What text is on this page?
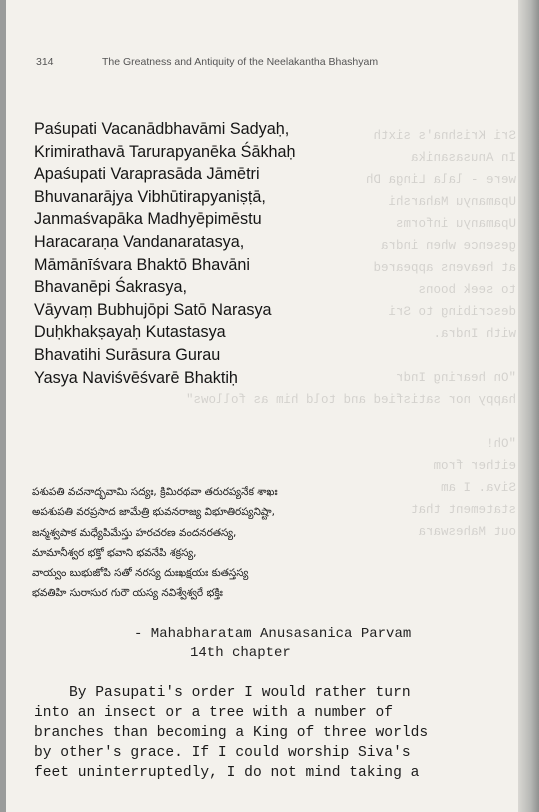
Sri Krishna's sixth
In Anusasanika
were - lala Linga Dh
Upamanyu Maharshi
Upamanyu informs
gesence when indra
at heavens appeared
to seek boons
describing to Sri
with Indra.

"On hearing Indr
happy nor satisfied and told him as follows"

"Oh!
either from
Siva. I am
statement that
out Maheswara
314	The Greatness and Antiquity of the Neelakantha Bhashyam
Paśupati Vacanādbhavāmi Sadyaḥ,
Krimirathavā Tarurapyanēka Śākhaḥ
Apaśupati Varaprasāda Jāmētri
Bhuvanarājya Vibhūtirapyaniṣṭā,
Janmaśvapāka Madhyēpimēstu
Haracaraṇa Vandanaratasya,
Māmānīśvara Bhaktō Bhavāni
Bhavanēpi Śakrasya,
Vāyvaṃ Bubhujōpi Satō Narasya
Duḥkhakṣayaḥ Kutastasya
Bhavatihi Surāsura Gurau
Yasya Naviśvēśvarē Bhaktiḥ
పశుపతి వచనాద్భవామి సద్యః, క్రిమిరథవా తరురప్యనేక శాఖః
అపశుపతి వరప్రసాద జామేత్రి భువనరాజ్య విభూతిరప్యనిష్టా,
జన్మశ్వపాక మధ్యేపిమేస్తు హరచరణ వందనరతస్య,
మామానీశ్వర భక్తో భవాని భవనేపి శక్రస్య,
వాయ్వం బుభుజోపి సతో నరస్య దుఃఖక్షయః కుతస్తస్య
భవతిహి సురాసుర గురౌ యస్య నవిశ్వేశ్వరే భక్తిః
- Mahabharatam Anusasanica Parvam
14th chapter
By Pasupati's order I would rather turn
into an insect or a tree with a number of
branches than becoming a King of three worlds
by other's grace. If I could worship Siva's
feet uninterruptedly, I do not mind taking a
